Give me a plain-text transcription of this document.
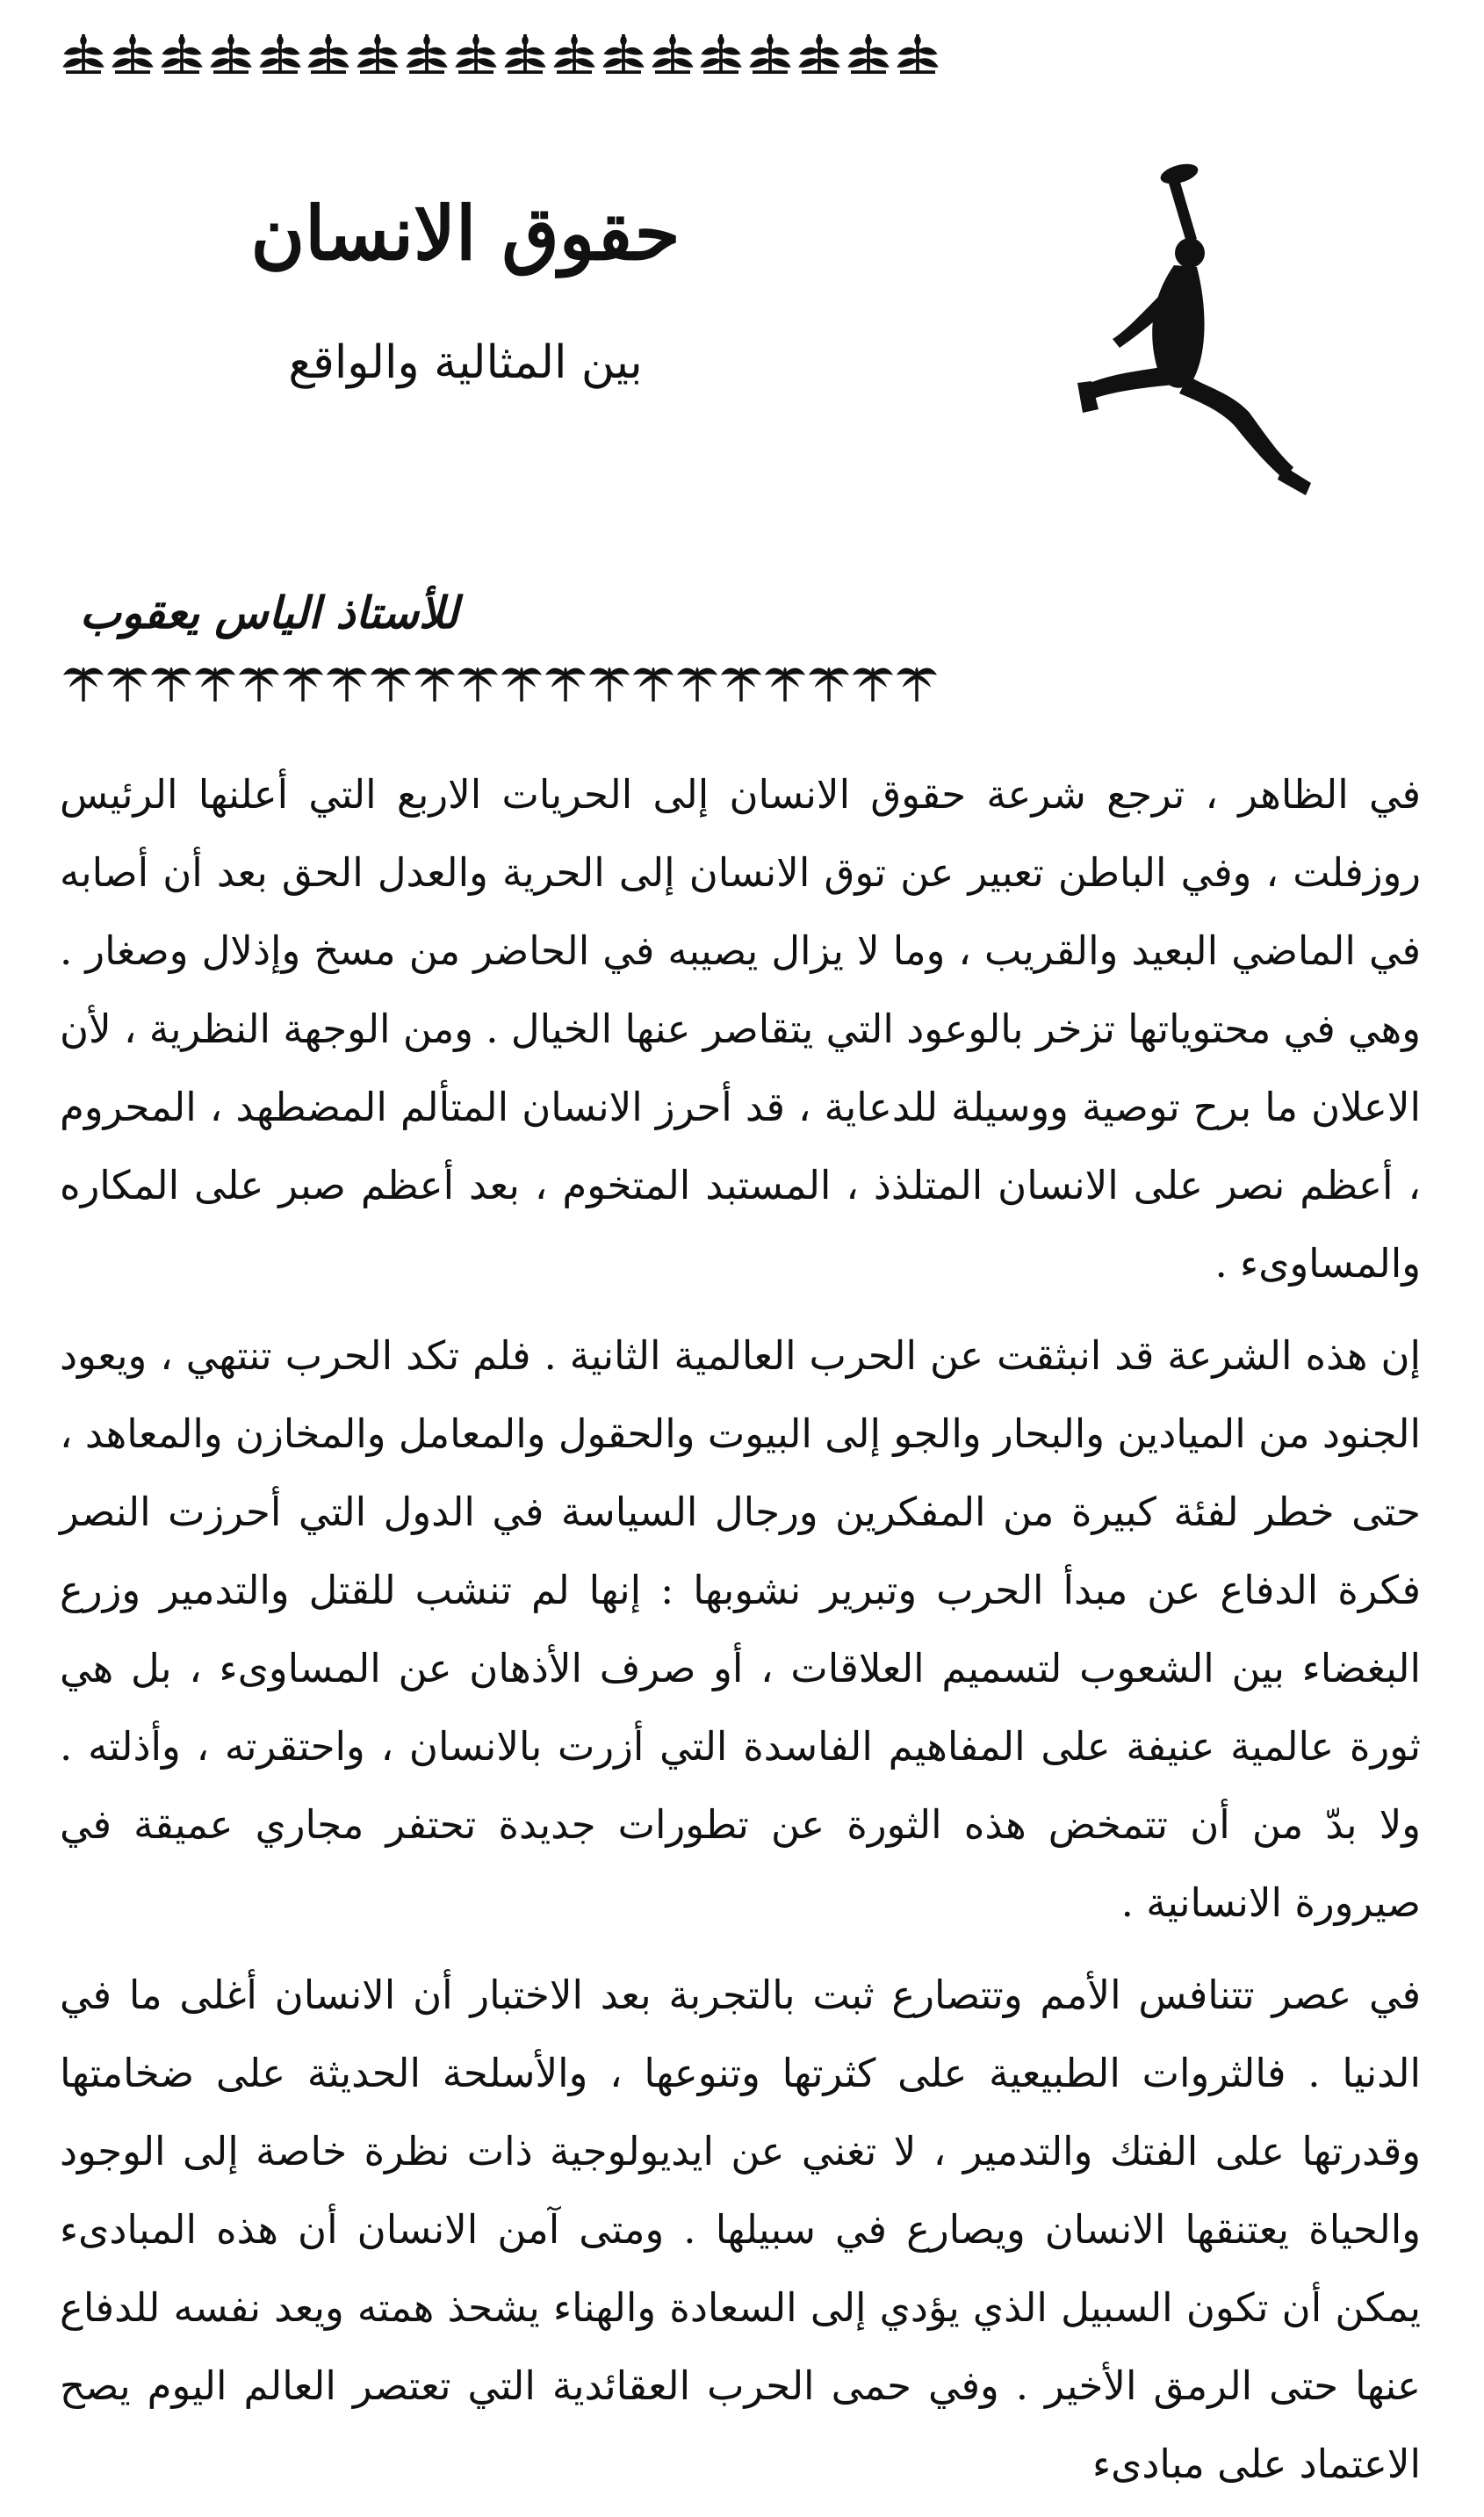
حقوق الانسان
بين المثالية والواقع
للأستاذ الياس يعقوب

في الظاهر ، ترجع شرعة حقوق الانسان إلى الحريات الاربع التي أعلنها الرئيس روزفلت ، وفي الباطن تعبير عن توق الانسان إلى الحرية والعدل الحق بعد أن أصابه في الماضي البعيد والقريب ، وما لا يزال يصيبه في الحاضر من مسخ وإذلال وصغار . وهي في محتوياتها تزخر بالوعود التي يتقاصر عنها الخيال . ومن الوجهة النظرية ، لأن الاعلان ما برح توصية ووسيلة للدعاية ، قد أحرز الانسان المتألم المضطهد ، المحروم ، أعظم نصر على الانسان المتلذذ ، المستبد المتخوم ، بعد أعظم صبر على المكاره والمساوىء .

إن هذه الشرعة قد انبثقت عن الحرب العالمية الثانية . فلم تكد الحرب تنتهي ، ويعود الجنود من الميادين والبحار والجو إلى البيوت والحقول والمعامل والمخازن والمعاهد ، حتى خطر لفئة كبيرة من المفكرين ورجال السياسة في الدول التي أحرزت النصر فكرة الدفاع عن مبدأ الحرب وتبرير نشوبها : إنها لم تنشب للقتل والتدمير وزرع البغضاء بين الشعوب لتسميم العلاقات ، أو صرف الأذهان عن المساوىء ، بل هي ثورة عالمية عنيفة على المفاهيم الفاسدة التي أزرت بالانسان ، واحتقرته ، وأذلته . ولا بدّ من أن تتمخض هذه الثورة عن تطورات جديدة تحتفر مجاري عميقة في صيرورة الانسانية .

في عصر تتنافس الأمم وتتصارع ثبت بالتجربة بعد الاختبار أن الانسان أغلى ما في الدنيا . فالثروات الطبيعية على كثرتها وتنوعها ، والأسلحة الحديثة على ضخامتها وقدرتها على الفتك والتدمير ، لا تغني عن ايديولوجية ذات نظرة خاصة إلى الوجود والحياة يعتنقها الانسان ويصارع في سبيلها . ومتى آمن الانسان أن هذه المبادىء يمكن أن تكون السبيل الذي يؤدي إلى السعادة والهناء يشحذ همته ويعد نفسه للدفاع عنها حتى الرمق الأخير . وفي حمى الحرب العقائدية التي تعتصر العالم اليوم يصح الاعتماد على مبادىء
